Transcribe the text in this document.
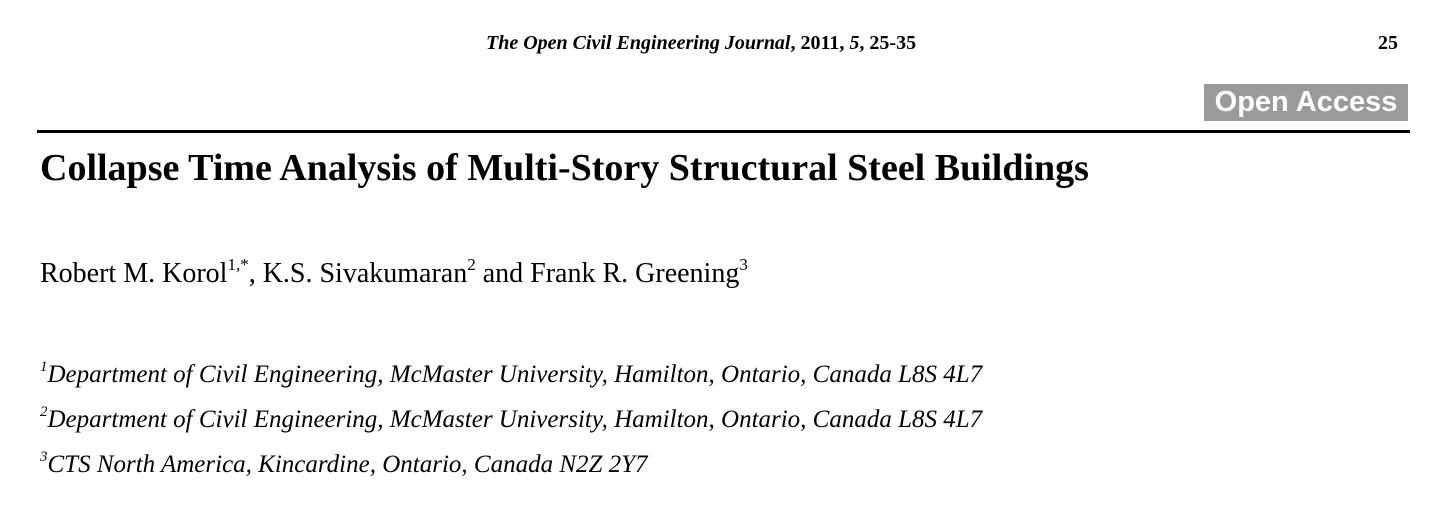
The Open Civil Engineering Journal, 2011, 5, 25-35	25
Open Access
Collapse Time Analysis of Multi-Story Structural Steel Buildings
Robert M. Korol$^{1,*}$, K.S. Sivakumaran$^2$ and Frank R. Greening$^3$
$^1$Department of Civil Engineering, McMaster University, Hamilton, Ontario, Canada L8S 4L7
$^2$Department of Civil Engineering, McMaster University, Hamilton, Ontario, Canada L8S 4L7
$^3$CTS North America, Kincardine, Ontario, Canada N2Z 2Y7
